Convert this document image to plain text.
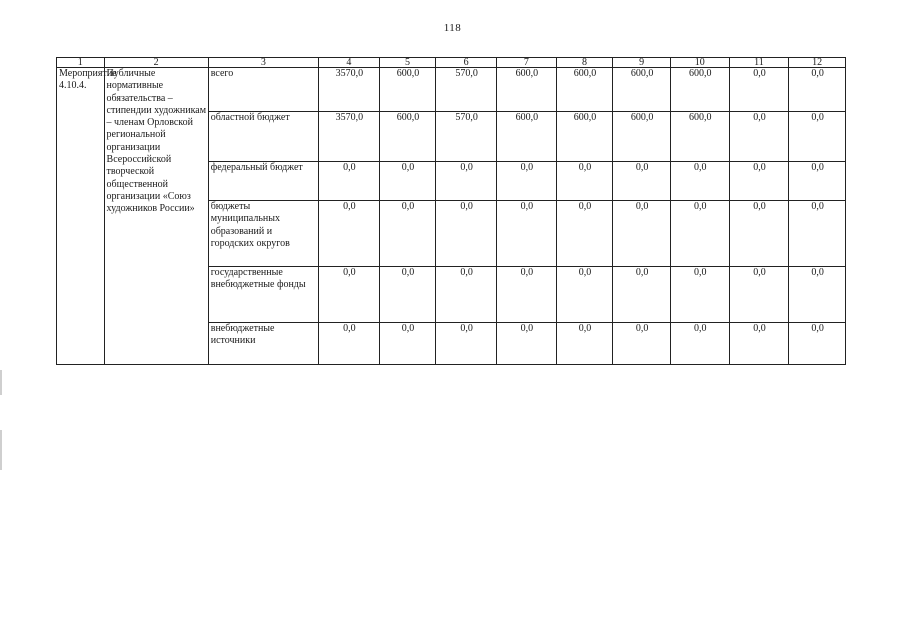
118
1	2	3	4	5	6	7	8	9	10	11	12
Мероприятие 4.10.4.	Публичные нормативные обязательства – стипендии художникам – членам Орловской региональной организации Всероссийской творческой общественной организации «Союз художников России»	всего	3570,0	600,0	570,0	600,0	600,0	600,0	600,0	0,0	0,0
		областной бюджет	3570,0	600,0	570,0	600,0	600,0	600,0	600,0	0,0	0,0
		федеральный бюджет	0,0	0,0	0,0	0,0	0,0	0,0	0,0	0,0	0,0
		бюджеты муниципальных образований и городских округов	0,0	0,0	0,0	0,0	0,0	0,0	0,0	0,0	0,0
		государственные внебюджетные фонды	0,0	0,0	0,0	0,0	0,0	0,0	0,0	0,0	0,0
		внебюджетные источники	0,0	0,0	0,0	0,0	0,0	0,0	0,0	0,0	0,0
